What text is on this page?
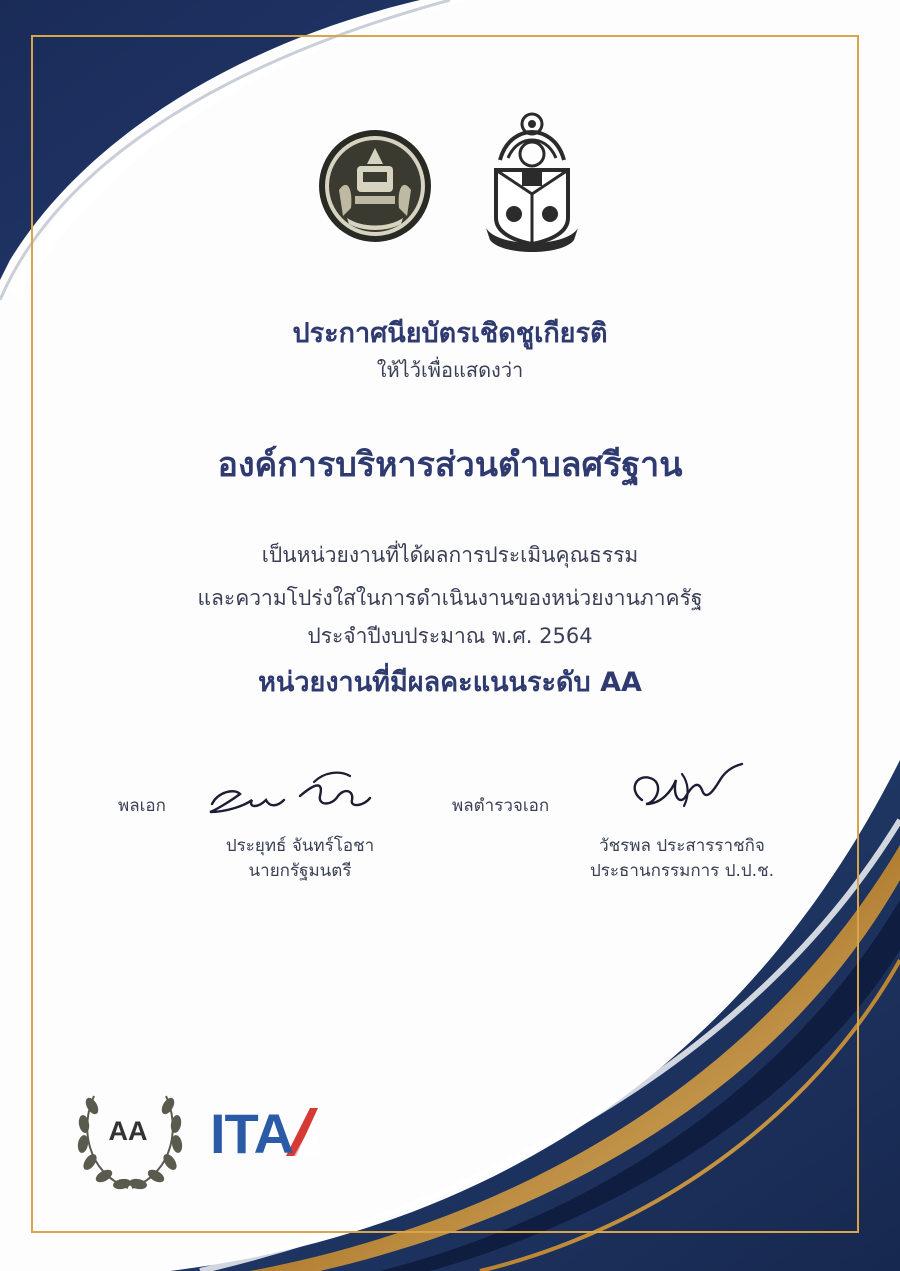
ประกาศนียบัตรเชิดชูเกียรติ
ให้ไว้เพื่อแสดงว่า
องค์การบริหารส่วนตำบลศรีฐาน
เป็นหน่วยงานที่ได้ผลการประเมินคุณธรรม
และความโปร่งใสในการดำเนินงานของหน่วยงานภาครัฐ
ประจำปีงบประมาณ พ.ศ. 2564
หน่วยงานที่มีผลคะแนนระดับ AA
พลเอก
ประยุทธ์ จันทร์โอชา
นายกรัฐมนตรี
พลตำรวจเอก
วัชรพล ประสารราชกิจ
ประธานกรรมการ ป.ป.ช.
AA ITA
